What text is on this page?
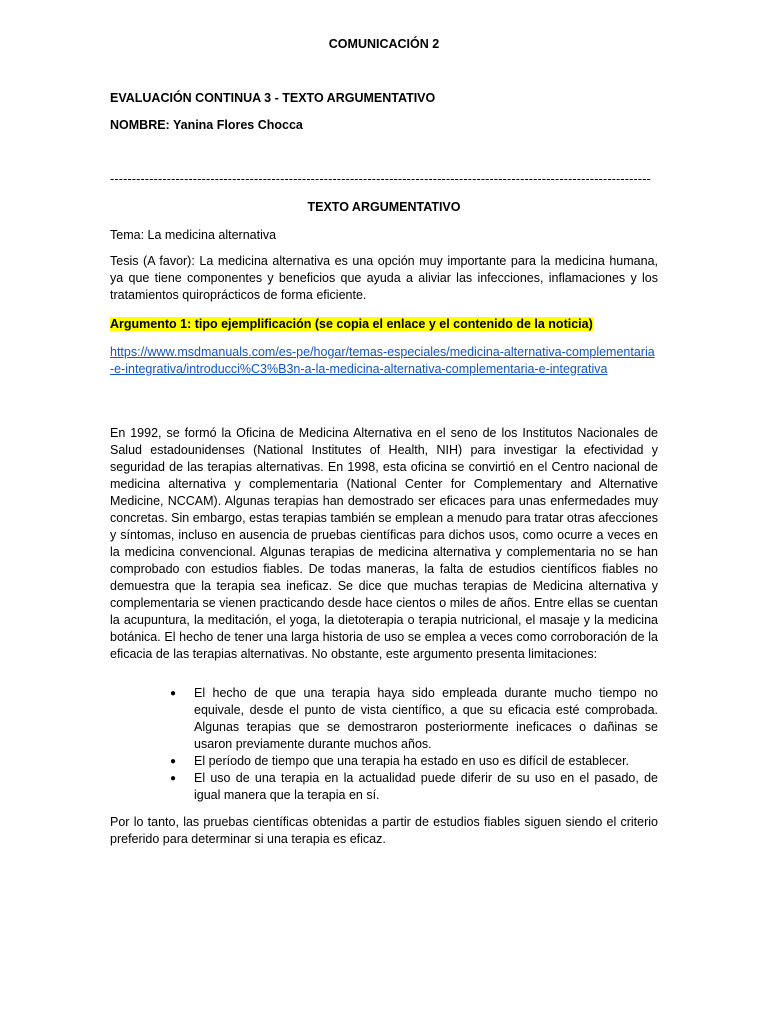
COMUNICACIÓN 2
EVALUACIÓN CONTINUA 3 - TEXTO ARGUMENTATIVO
NOMBRE: Yanina Flores Chocca
----------------------------------------------------------------------------------------------------------------------------
TEXTO ARGUMENTATIVO
Tema: La medicina alternativa

Tesis (A favor): La medicina alternativa es una opción muy importante para la medicina humana, ya que tiene componentes y beneficios que ayuda a aliviar las infecciones, inflamaciones y los tratamientos quiroprácticos de forma eficiente.

Argumento 1: tipo ejemplificación (se copia el enlace y el contenido de la noticia)
https://www.msdmanuals.com/es-pe/hogar/temas-especiales/medicina-alternativa-complementaria-e-integrativa/introducci%C3%B3n-a-la-medicina-alternativa-complementaria-e-integrativa

En 1992, se formó la Oficina de Medicina Alternativa en el seno de los Institutos Nacionales de Salud estadounidenses (National Institutes of Health, NIH) para investigar la efectividad y seguridad de las terapias alternativas. En 1998, esta oficina se convirtió en el Centro nacional de medicina alternativa y complementaria (National Center for Complementary and Alternative Medicine, NCCAM). Algunas terapias han demostrado ser eficaces para unas enfermedades muy concretas. Sin embargo, estas terapias también se emplean a menudo para tratar otras afecciones y síntomas, incluso en ausencia de pruebas científicas para dichos usos, como ocurre a veces en la medicina convencional. Algunas terapias de medicina alternativa y complementaria no se han comprobado con estudios fiables. De todas maneras, la falta de estudios científicos fiables no demuestra que la terapia sea ineficaz. Se dice que muchas terapias de Medicina alternativa y complementaria se vienen practicando desde hace cientos o miles de años. Entre ellas se cuentan la acupuntura, la meditación, el yoga, la dietoterapia o terapia nutricional, el masaje y la medicina botánica. El hecho de tener una larga historia de uso se emplea a veces como corroboración de la eficacia de las terapias alternativas. No obstante, este argumento presenta limitaciones:

●	El hecho de que una terapia haya sido empleada durante mucho tiempo no equivale, desde el punto de vista científico, a que su eficacia esté comprobada. Algunas terapias que se demostraron posteriormente ineficaces o dañinas se usaron previamente durante muchos años.
●	El período de tiempo que una terapia ha estado en uso es difícil de establecer.
●	El uso de una terapia en la actualidad puede diferir de su uso en el pasado, de igual manera que la terapia en sí.

Por lo tanto, las pruebas científicas obtenidas a partir de estudios fiables siguen siendo el criterio preferido para determinar si una terapia es eficaz.
